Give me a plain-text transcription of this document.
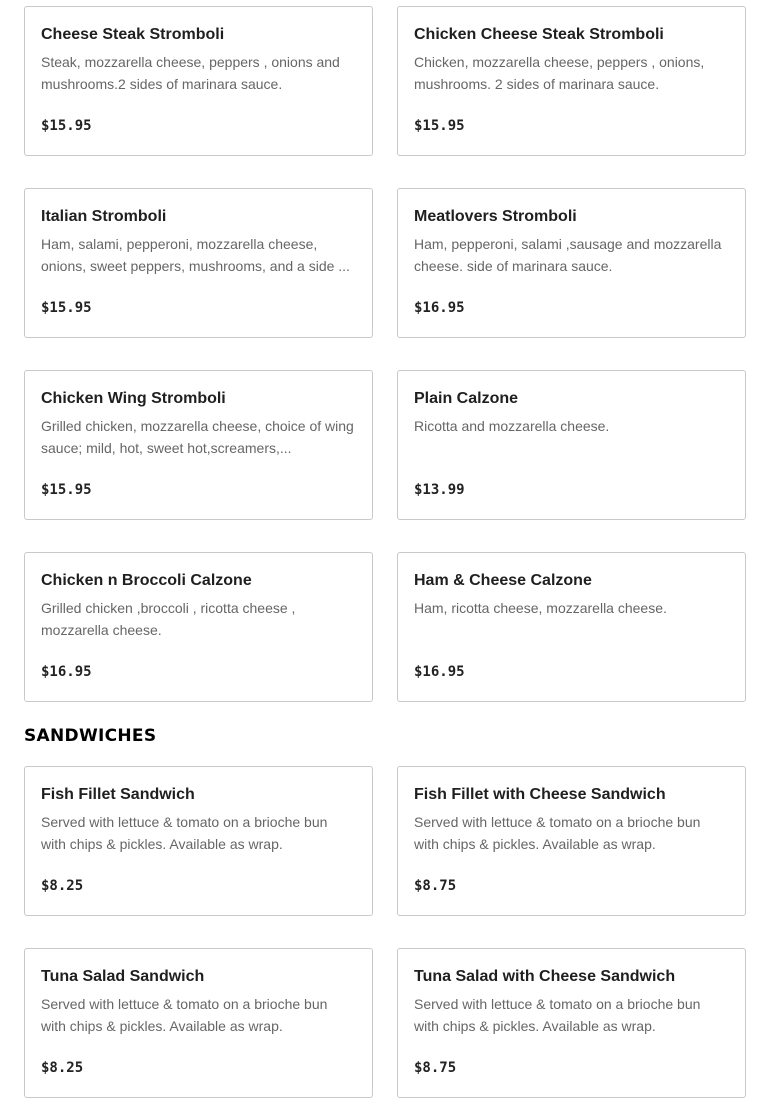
Cheese Steak Stromboli
Steak, mozzarella cheese, peppers , onions and mushrooms.2 sides of marinara sauce.
$15.95
Chicken Cheese Steak Stromboli
Chicken, mozzarella cheese, peppers , onions, mushrooms. 2 sides of marinara sauce.
$15.95
Italian Stromboli
Ham, salami, pepperoni, mozzarella cheese, onions, sweet peppers, mushrooms, and a side ...
$15.95
Meatlovers Stromboli
Ham, pepperoni, salami ,sausage and mozzarella cheese. side of marinara sauce.
$16.95
Chicken Wing Stromboli
Grilled chicken, mozzarella cheese, choice of wing sauce; mild, hot, sweet hot,screamers,...
$15.95
Plain Calzone
Ricotta and mozzarella cheese.
$13.99
Chicken n Broccoli Calzone
Grilled chicken ,broccoli , ricotta cheese , mozzarella cheese.
$16.95
Ham & Cheese Calzone
Ham, ricotta cheese, mozzarella cheese.
$16.95
SANDWICHES
Fish Fillet Sandwich
Served with lettuce & tomato on a brioche bun with chips & pickles. Available as wrap.
$8.25
Fish Fillet with Cheese Sandwich
Served with lettuce & tomato on a brioche bun with chips & pickles. Available as wrap.
$8.75
Tuna Salad Sandwich
Served with lettuce & tomato on a brioche bun with chips & pickles. Available as wrap.
$8.25
Tuna Salad with Cheese Sandwich
Served with lettuce & tomato on a brioche bun with chips & pickles. Available as wrap.
$8.75
